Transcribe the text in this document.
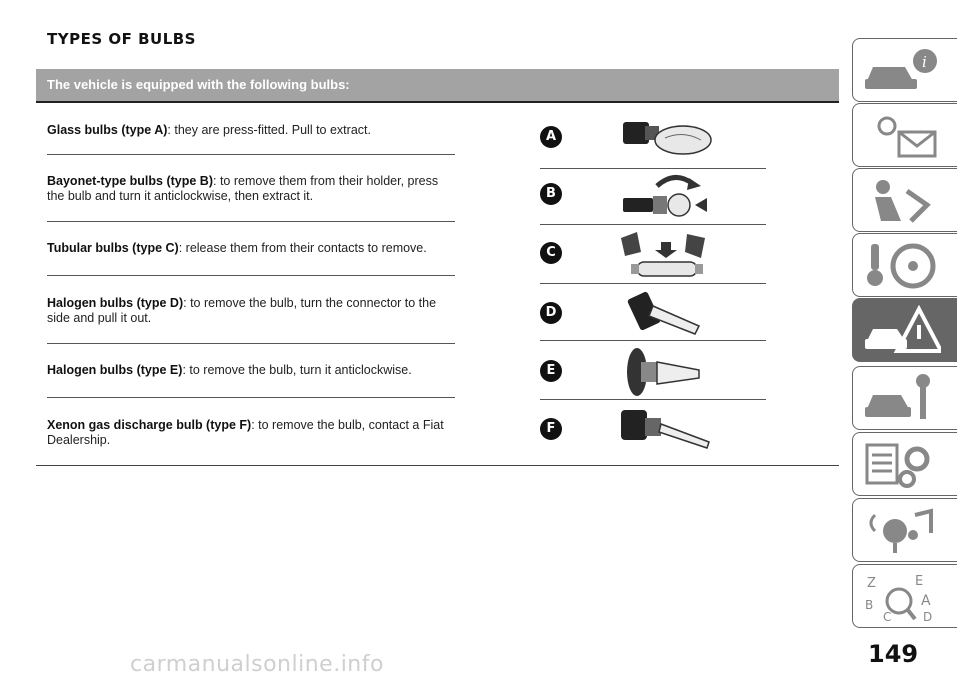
TYPES OF BULBS
The vehicle is equipped with the following bulbs:
Glass bulbs (type A): they are press-fitted. Pull to extract.
Bayonet-type bulbs (type B): to remove them from their holder, press the bulb and turn it anticlockwise, then extract it.
Tubular bulbs (type C): release them from their contacts to remove.
Halogen bulbs (type D): to remove the bulb, turn the connector to the side and pull it out.
Halogen bulbs (type E): to remove the bulb, turn it anticlockwise.
Xenon gas discharge bulb (type F): to remove the bulb, contact a Fiat Dealership.
A
B
C
D
E
F
i
Z	E
B	A
C	D
149
carmanualsonline.info
